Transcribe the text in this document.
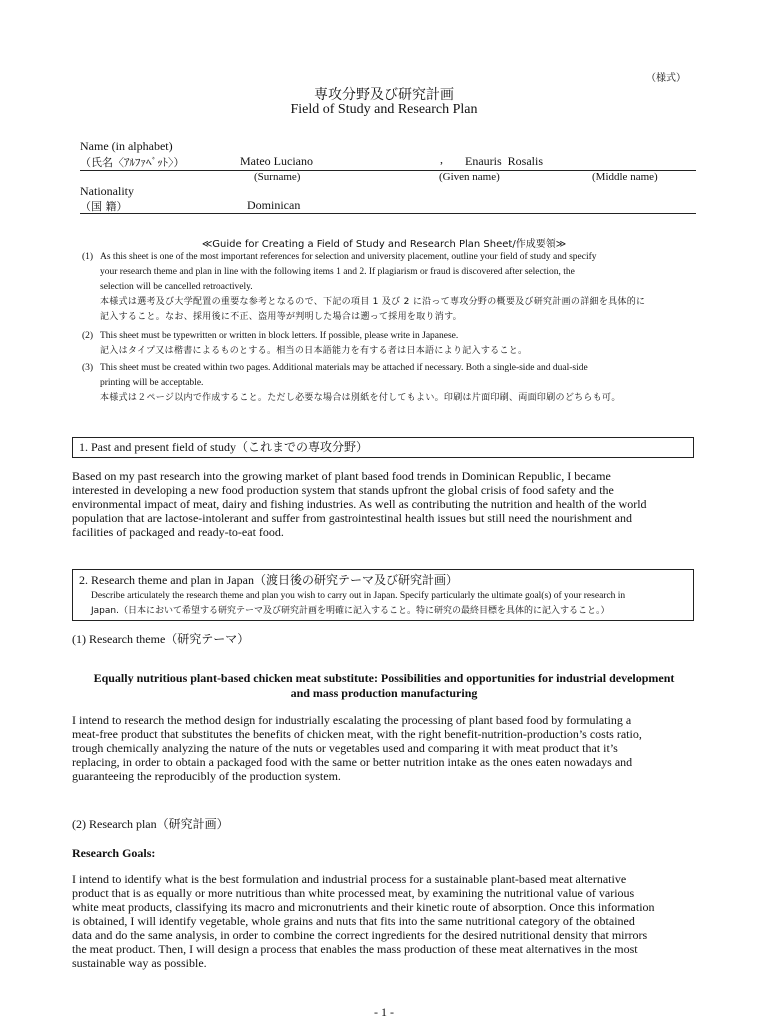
（様式）
専攻分野及び研究計画
Field of Study and Research Plan
Name (in alphabet)
（氏名〈ｱﾙﾌｧﾍﾞｯﾄ〉）	Mateo Luciano	, Enauris  Rosalis
(Surname)	(Given name)	(Middle name)
Nationality
（国 籍）	Dominican
≪Guide for Creating a Field of Study and Research Plan Sheet/作成要領≫
(1) As this sheet is one of the most important references for selection and university placement, outline your field of study and specify
your research theme and plan in line with the following items 1 and 2. If plagiarism or fraud is discovered after selection, the
selection will be cancelled retroactively.
本様式は選考及び大学配置の重要な参考となるので、下記の項目 1 及び 2 に沿って専攻分野の概要及び研究計画の詳細を具体的に
記入すること。なお、採用後に不正、盗用等が判明した場合は遡って採用を取り消す。
(2) This sheet must be typewritten or written in block letters. If possible, please write in Japanese.
記入はタイプ又は楷書によるものとする。相当の日本語能力を有する者は日本語により記入すること。
(3) This sheet must be created within two pages. Additional materials may be attached if necessary. Both a single-side and dual-side
printing will be acceptable.
本様式は２ページ以内で作成すること。ただし必要な場合は別紙を付してもよい。印刷は片面印刷、両面印刷のどちらも可。
1. Past and present field of study（これまでの専攻分野）
Based on my past research into the growing market of plant based food trends in Dominican Republic, I became
interested in developing a new food production system that stands upfront the global crisis of food safety and the
environmental impact of meat, dairy and fishing industries. As well as contributing the nutrition and health of the world
population that are lactose-intolerant and suffer from gastrointestinal health issues but still need the nourishment and
facilities of packaged and ready-to-eat food.
2. Research theme and plan in Japan（渡日後の研究テーマ及び研究計画）
Describe articulately the research theme and plan you wish to carry out in Japan. Specify particularly the ultimate goal(s) of your research in
Japan.（日本において希望する研究テーマ及び研究計画を明確に記入すること。特に研究の最終目標を具体的に記入すること。）
(1) Research theme（研究テーマ）
Equally nutritious plant-based chicken meat substitute: Possibilities and opportunities for industrial development
and mass production manufacturing
I intend to research the method design for industrially escalating the processing of plant based food by formulating a
meat-free product that substitutes the benefits of chicken meat, with the right benefit-nutrition-production’s costs ratio,
trough chemically analyzing the nature of the nuts or vegetables used and comparing it with meat product that it’s
replacing, in order to obtain a packaged food with the same or better nutrition intake as the ones eaten nowadays and
guaranteeing the reproducibly of the production system.
(2) Research plan（研究計画）
Research Goals:
I intend to identify what is the best formulation and industrial process for a sustainable plant-based meat alternative
product that is as equally or more nutritious than white processed meat, by examining the nutritional value of various
white meat products, classifying its macro and micronutrients and their kinetic route of absorption. Once this information
is obtained, I will identify vegetable, whole grains and nuts that fits into the same nutritional category of the obtained
data and do the same analysis, in order to combine the correct ingredients for the desired nutritional density that mirrors
the meat product. Then, I will design a process that enables the mass production of these meat alternatives in the most
sustainable way as possible.
- 1 -
